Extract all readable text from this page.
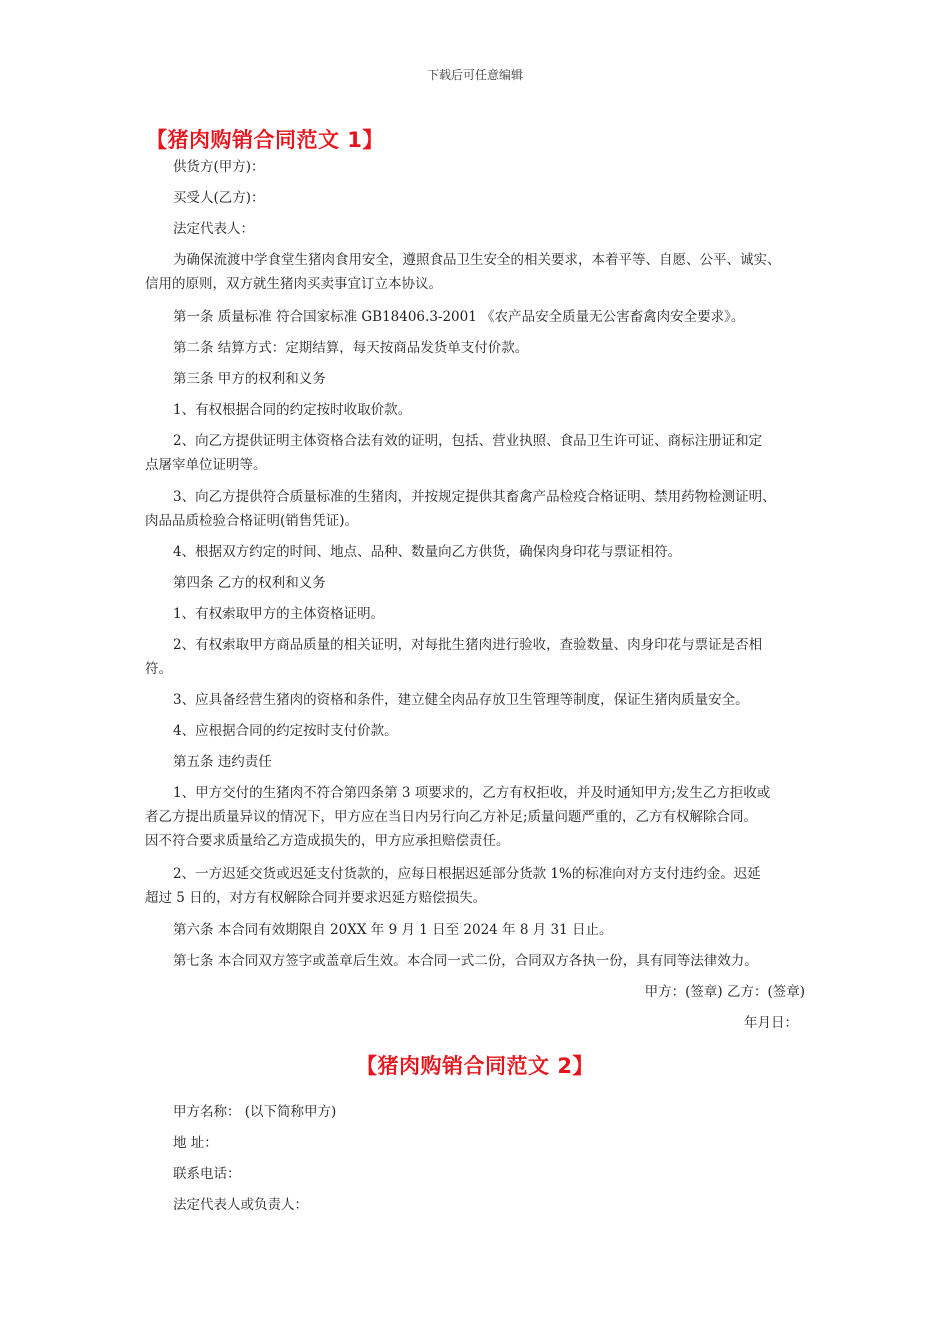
下载后可任意编辑
【猪肉购销合同范文 1】
供货方(甲方)：
买受人(乙方)：
法定代表人：
为确保流渡中学食堂生猪肉食用安全，遵照食品卫生安全的相关要求，本着平等、自愿、公平、诚实、
信用的原则，双方就生猪肉买卖事宜订立本协议。
第一条 质量标准 符合国家标准 GB18406.3-2001 《农产品安全质量无公害畜禽肉安全要求》。
第二条 结算方式：定期结算，每天按商品发货单支付价款。
第三条 甲方的权利和义务
1、有权根据合同的约定按时收取价款。
2、向乙方提供证明主体资格合法有效的证明，包括、营业执照、食品卫生许可证、商标注册证和定
点屠宰单位证明等。
3、向乙方提供符合质量标准的生猪肉，并按规定提供其畜禽产品检疫合格证明、禁用药物检测证明、
肉品品质检验合格证明(销售凭证)。
4、根据双方约定的时间、地点、品种、数量向乙方供货，确保肉身印花与票证相符。
第四条 乙方的权利和义务
1、有权索取甲方的主体资格证明。
2、有权索取甲方商品质量的相关证明，对每批生猪肉进行验收，查验数量、肉身印花与票证是否相
符。
3、应具备经营生猪肉的资格和条件，建立健全肉品存放卫生管理等制度，保证生猪肉质量安全。
4、应根据合同的约定按时支付价款。
第五条 违约责任
1、甲方交付的生猪肉不符合第四条第 3 项要求的，乙方有权拒收，并及时通知甲方;发生乙方拒收或
者乙方提出质量异议的情况下，甲方应在当日内另行向乙方补足;质量问题严重的，乙方有权解除合同。
因不符合要求质量给乙方造成损失的，甲方应承担赔偿责任。
2、一方迟延交货或迟延支付货款的，应每日根据迟延部分货款 1%的标准向对方支付违约金。迟延
超过 5 日的，对方有权解除合同并要求迟延方赔偿损失。
第六条 本合同有效期限自 20XX 年 9 月 1 日至 2024 年 8 月 31 日止。
第七条 本合同双方签字或盖章后生效。本合同一式二份，合同双方各执一份，具有同等法律效力。
甲方：(签章) 乙方：(签章)
年月日：
【猪肉购销合同范文 2】
甲方名称： (以下简称甲方)
地 址：
联系电话：
法定代表人或负责人：
